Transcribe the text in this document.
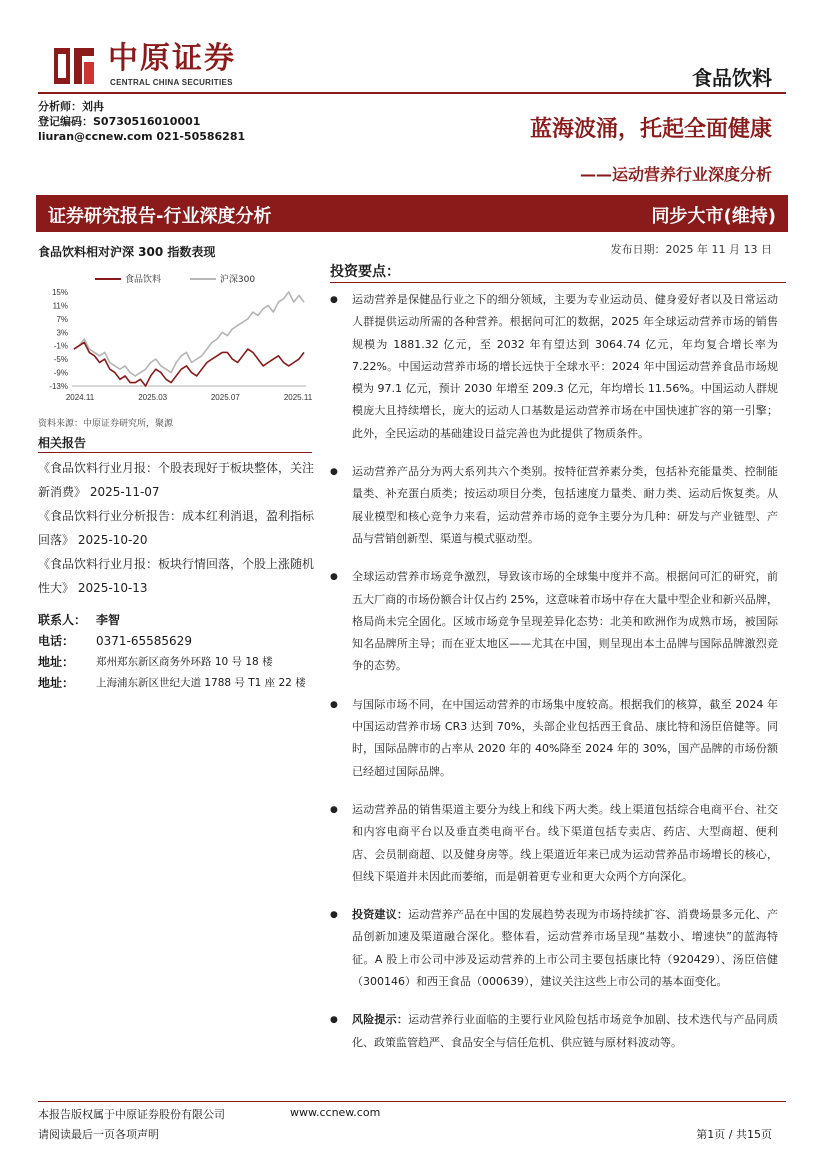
中原证券
CENTRAL CHINA SECURITIES	食品饮料
分析师：刘冉
登记编码：S0730516010001
liuran@ccnew.com 021-50586281	蓝海波涌，托起全面健康
——运动营养行业深度分析
证券研究报告-行业深度分析	同步大市(维持)
发布日期：2025 年 11 月 13 日
食品饮料相对沪深 300 指数表现
食品饮料
	沪深300
15%
11%
7%
3%
-1%
-5%
-9%
-13%
2024.11	2025.03	2025.07	2025.11
资料来源：中原证券研究所，聚源
相关报告
《食品饮料行业月报：个股表现好于板块整体，关注新消费》 2025-11-07
《食品饮料行业分析报告：成本红利消退，盈利指标回落》 2025-10-20
《食品饮料行业月报：板块行情回落，个股上涨随机性大》 2025-10-13
联系人： 李智
电话：	0371-65585629
地址：	郑州郑东新区商务外环路 10 号 18 楼
地址：	上海浦东新区世纪大道 1788 号 T1 座 22 楼
投资要点：
● 运动营养是保健品行业之下的细分领域，主要为专业运动员、健身爱好者以及日常运动人群提供运动所需的各种营养。根据问可汇的数据，2025 年全球运动营养市场的销售规模为 1881.32 亿元，至 2032 年有望达到 3064.74 亿元，年均复合增长率为 7.22%。中国运动营养市场的增长远快于全球水平：2024 年中国运动营养食品市场规模为 97.1 亿元，预计 2030 年增至 209.3 亿元，年均增长 11.56%。中国运动人群规模庞大且持续增长，庞大的运动人口基数是运动营养市场在中国快速扩容的第一引擎；此外，全民运动的基础建设日益完善也为此提供了物质条件。
● 运动营养产品分为两大系列共六个类别。按特征营养素分类，包括补充能量类、控制能量类、补充蛋白质类；按运动项目分类，包括速度力量类、耐力类、运动后恢复类。从展业模型和核心竞争力来看，运动营养市场的竞争主要分为几种：研发与产业链型、产品与营销创新型、渠道与模式驱动型。
● 全球运动营养市场竞争激烈，导致该市场的全球集中度并不高。根据问可汇的研究，前五大厂商的市场份额合计仅占约 25%，这意味着市场中存在大量中型企业和新兴品牌，格局尚未完全固化。区域市场竞争呈现差异化态势：北美和欧洲作为成熟市场，被国际知名品牌所主导；而在亚太地区——尤其在中国，则呈现出本土品牌与国际品牌激烈竞争的态势。
● 与国际市场不同，在中国运动营养的市场集中度较高。根据我们的核算，截至 2024 年中国运动营养市场 CR3 达到 70%，头部企业包括西王食品、康比特和汤臣倍健等。同时，国际品牌市的占率从 2020 年的 40%降至 2024 年的 30%，国产品牌的市场份额已经超过国际品牌。
● 运动营养品的销售渠道主要分为线上和线下两大类。线上渠道包括综合电商平台、社交和内容电商平台以及垂直类电商平台。线下渠道包括专卖店、药店、大型商超、便利店、会员制商超、以及健身房等。线上渠道近年来已成为运动营养品市场增长的核心，但线下渠道并未因此而萎缩，而是朝着更专业和更大众两个方向深化。
● 投资建议：运动营养产品在中国的发展趋势表现为市场持续扩容、消费场景多元化、产品创新加速及渠道融合深化。整体看，运动营养市场呈现“基数小、增速快”的蓝海特征。A 股上市公司中涉及运动营养的上市公司主要包括康比特（920429）、汤臣倍健（300146）和西王食品（000639），建议关注这些上市公司的基本面变化。
● 风险提示：运动营养行业面临的主要行业风险包括市场竞争加剧、技术迭代与产品同质化、政策监管趋严、食品安全与信任危机、供应链与原材料波动等。
本报告版权属于中原证券股份有限公司	www.ccnew.com
请阅读最后一页各项声明	第1页 / 共15页
